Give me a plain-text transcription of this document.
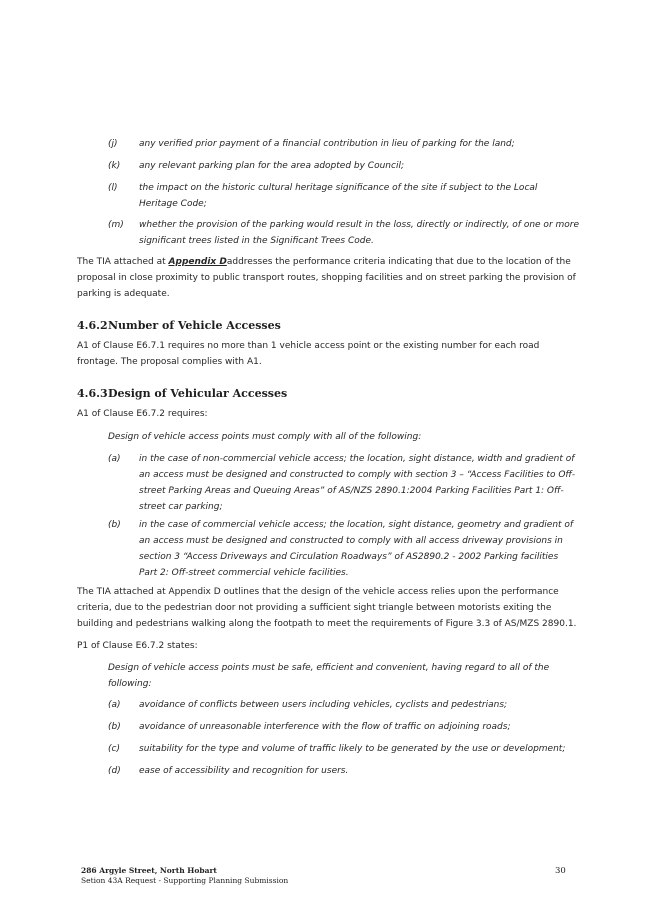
(j) any verified prior payment of a financial contribution in lieu of parking for the land;
(k) any relevant parking plan for the area adopted by Council;
(l) the impact on the historic cultural heritage significance of the site if subject to the Local Heritage Code;
(m) whether the provision of the parking would result in the loss, directly or indirectly, of one or more significant trees listed in the Significant Trees Code.

The TIA attached at Appendix Daddresses the performance criteria indicating that due to the location of the proposal in close proximity to public transport routes, shopping facilities and on street parking the provision of parking is adequate.

4.6.2Number of Vehicle Accesses

A1 of Clause E6.7.1 requires no more than 1 vehicle access point or the existing number for each road frontage. The proposal complies with A1.

4.6.3Design of Vehicular Accesses

A1 of Clause E6.7.2 requires:

Design of vehicle access points must comply with all of the following:

(a) in the case of non-commercial vehicle access; the location, sight distance, width and gradient of an access must be designed and constructed to comply with section 3 – “Access Facilities to Off-street Parking Areas and Queuing Areas” of AS/NZS 2890.1:2004 Parking Facilities Part 1: Off-street car parking;
(b) in the case of commercial vehicle access; the location, sight distance, geometry and gradient of an access must be designed and constructed to comply with all access driveway provisions in section 3 “Access Driveways and Circulation Roadways” of AS2890.2 - 2002 Parking facilities Part 2: Off-street commercial vehicle facilities.

The TIA attached at Appendix D outlines that the design of the vehicle access relies upon the performance criteria, due to the pedestrian door not providing a sufficient sight triangle between motorists exiting the building and pedestrians walking along the footpath to meet the requirements of Figure 3.3 of AS/MZS 2890.1.

P1 of Clause E6.7.2 states:

Design of vehicle access points must be safe, efficient and convenient, having regard to all of the following:

(a) avoidance of conflicts between users including vehicles, cyclists and pedestrians;
(b) avoidance of unreasonable interference with the flow of traffic on adjoining roads;
(c) suitability for the type and volume of traffic likely to be generated by the use or development;
(d) ease of accessibility and recognition for users.
286 Argyle Street, North Hobart
Setion 43A Request - Supporting Planning Submission
30
